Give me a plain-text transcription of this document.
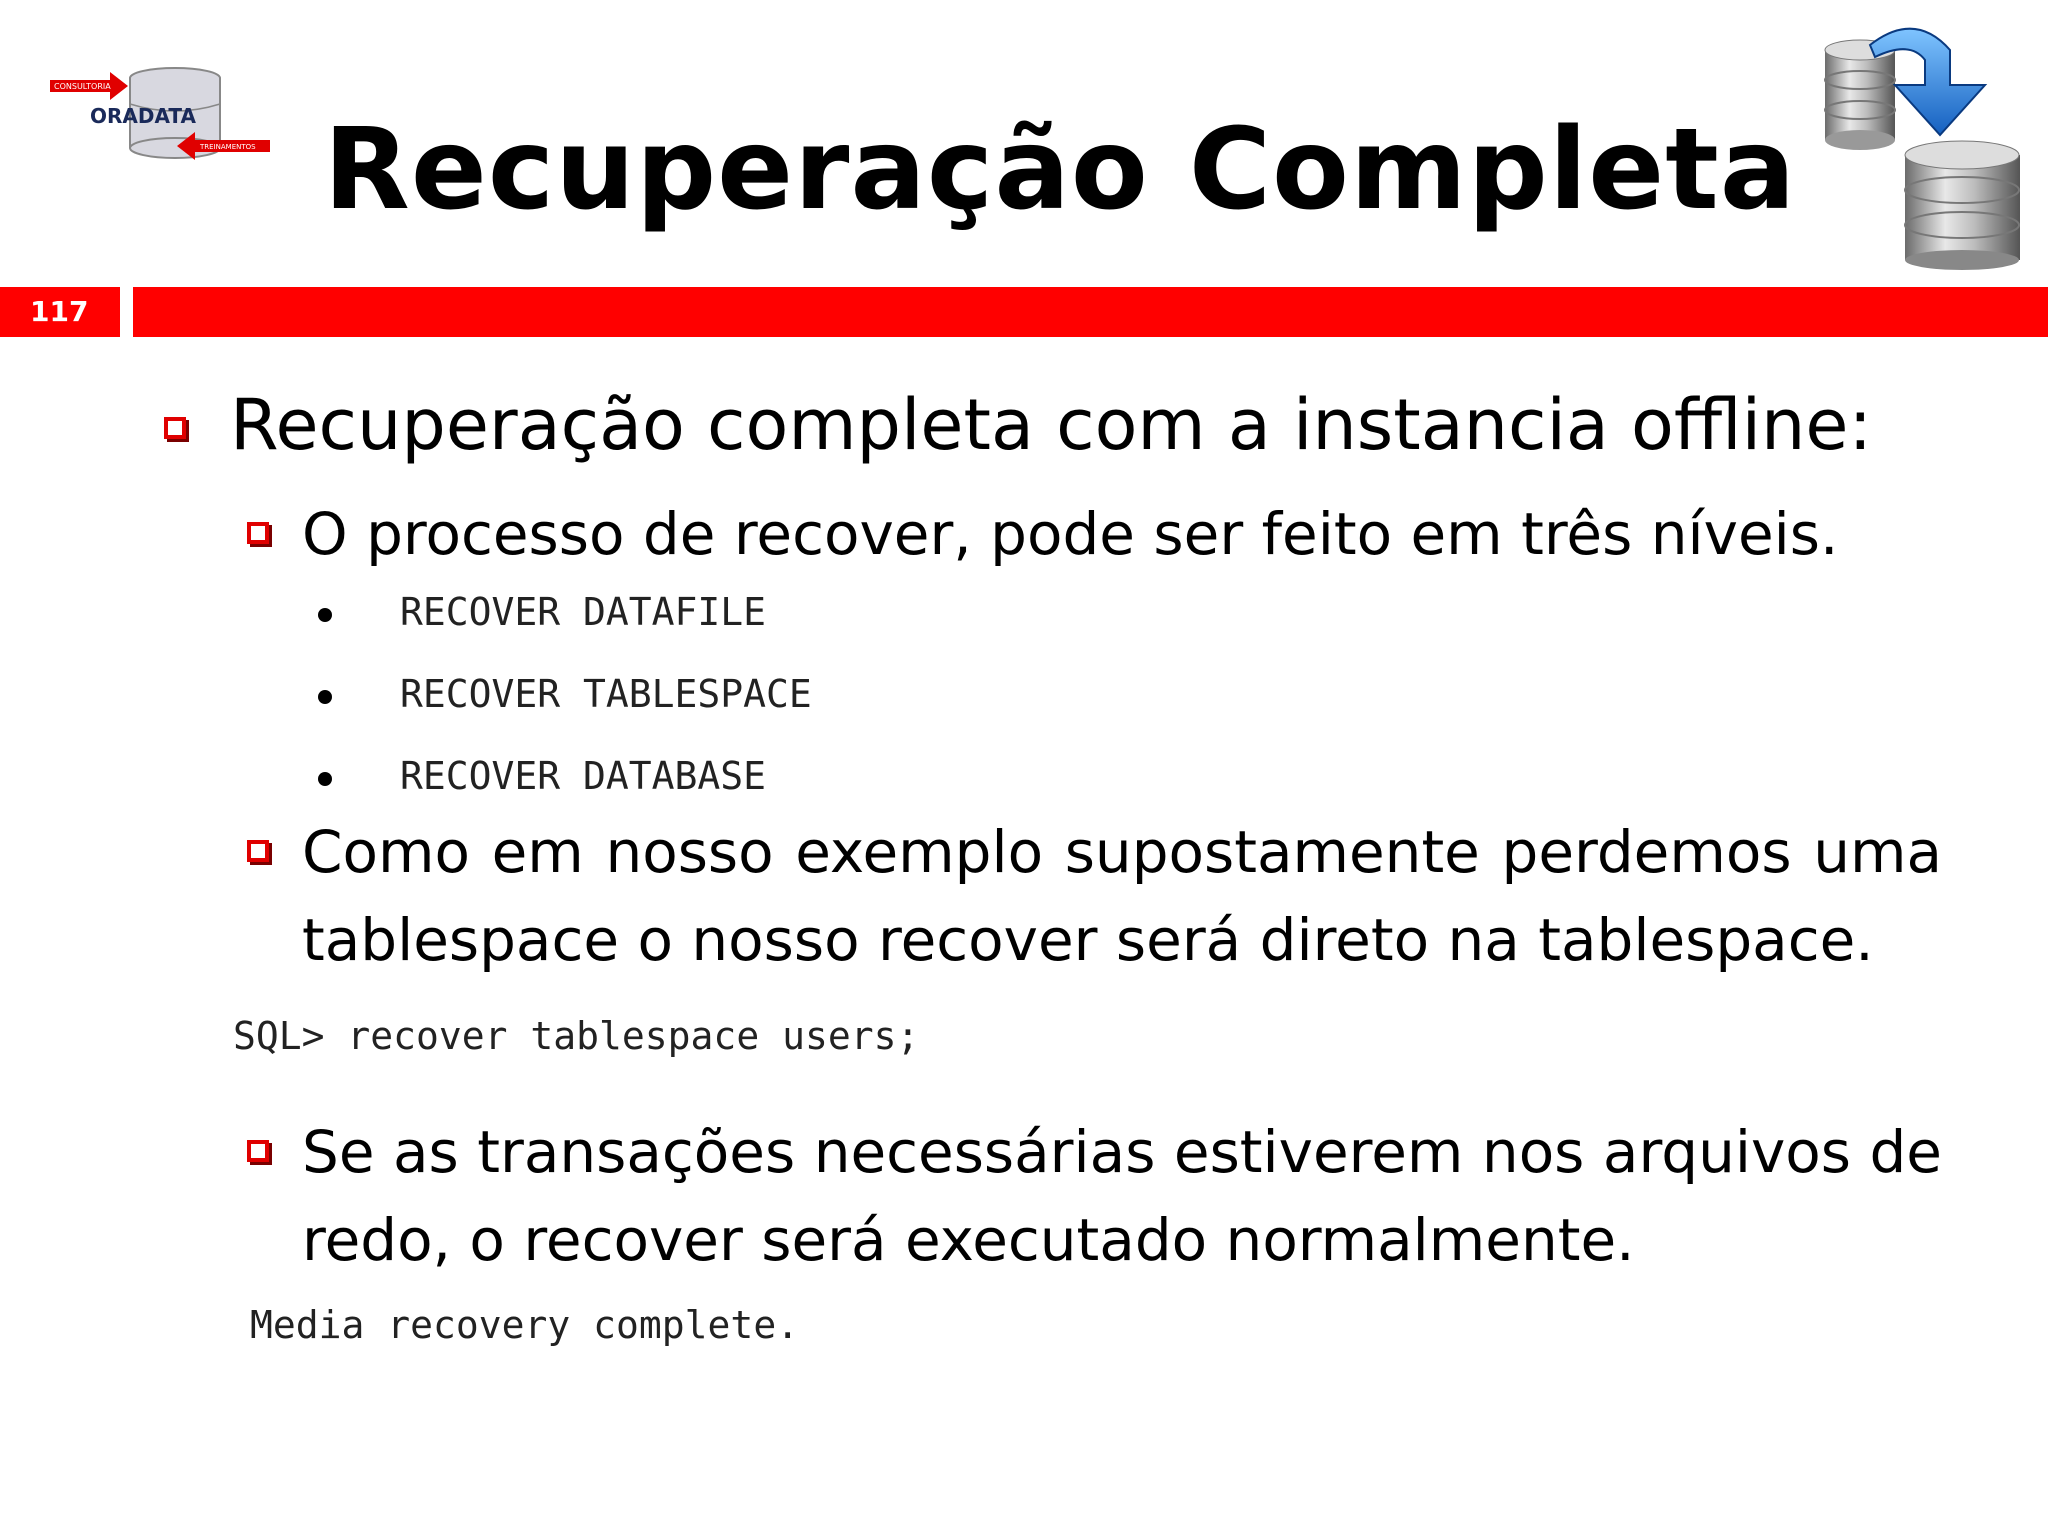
CONSULTORIA
TREINAMENTOS
ORADATA Recuperação Completa
117
Recuperação completa com a instancia offline:
O processo de recover, pode ser feito em três níveis.
RECOVER DATAFILE
RECOVER TABLESPACE
RECOVER DATABASE
Como em nosso exemplo supostamente perdemos uma tablespace o nosso recover será direto na tablespace.
SQL> recover tablespace users;
Se as transações necessárias estiverem nos arquivos de redo, o recover será executado normalmente.
Media recovery complete.
